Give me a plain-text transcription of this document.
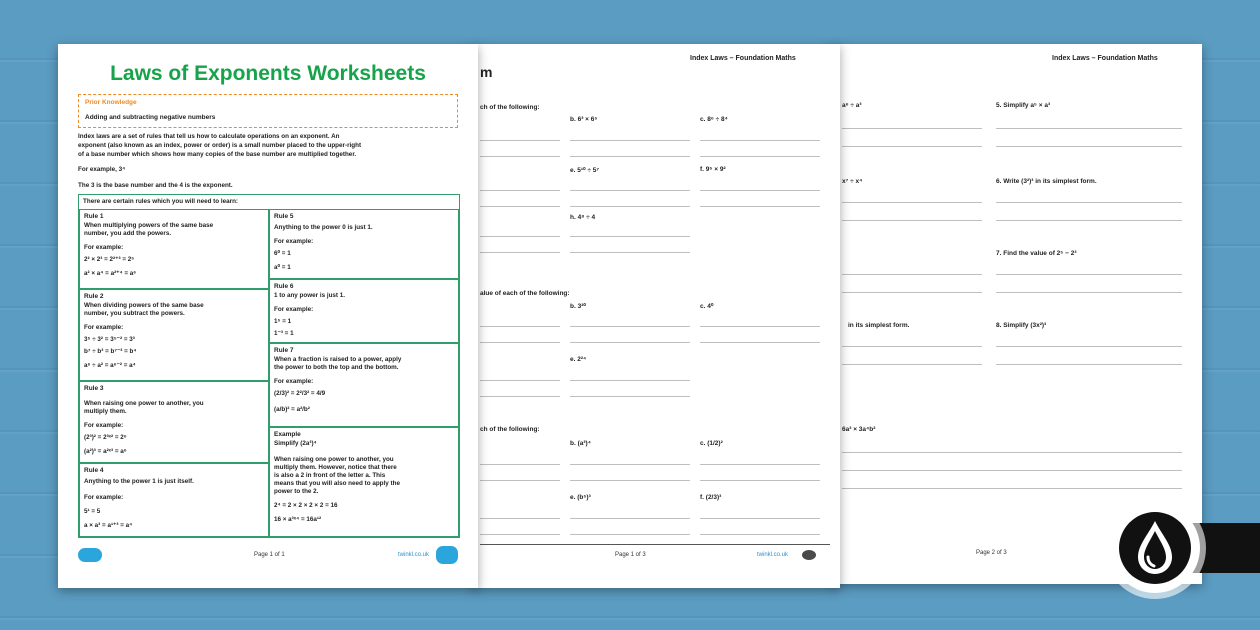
Index Laws – Foundation Maths
a⁶ ÷ a³	5. Simplify a⁵ × a³
x⁷ ÷ x⁴	6. Write (3²)³ in its simplest form.
7. Find the value of 2⁵ − 2³
in its simplest form.	8. Simplify (3x²)³
6a³ × 3a⁴b²
Page 2 of 3
Index Laws – Foundation Maths
m
ch of the following:
b. 6³ × 6⁵	c. 8⁶ ÷ 8⁴
e. 5¹⁰ ÷ 5⁷	f. 9⁵ × 9²
h. 4⁸ ÷ 4
alue of each of the following:
b. 3²⁰	c. 4⁰
e. 2²⁴
ch of the following:
b. (a³)⁴	c. (1/2)²
e. (b⁵)³	f. (2/3)³
Page 1 of 3	twinkl.co.uk
Laws of Exponents Worksheets
Prior Knowledge
Adding and subtracting negative numbers
Index laws are a set of rules that tell us how to calculate operations on an exponent. An
exponent (also known as an index, power or order) is a small number placed to the upper-right
of a base number which shows how many copies of the base number are multiplied together.
For example, 3⁴
The 3 is the base number and the 4 is the exponent.
There are certain rules which you will need to learn:
Rule 1
When multiplying powers of the same base
number, you add the powers.
For example:
2² × 2³ = 2²⁺³ = 2⁵
a² × a⁴ = a²⁺⁴ = a⁶
Rule 2
When dividing powers of the same base
number, you subtract the powers.
For example:
3⁵ ÷ 3² = 3⁵⁻² = 3³
b⁷ ÷ b³ = b⁷⁻³ = b⁴
a⁶ ÷ a² = a⁶⁻² = a⁴
Rule 3
When raising one power to another, you
multiply them.
For example:
(2³)² = 2³ˣ² = 2⁶
(a²)³ = a²ˣ³ = a⁶
Rule 4
Anything to the power 1 is just itself.
For example:
5¹ = 5
a × a³ = a¹⁺³ = a⁴
Rule 5
Anything to the power 0 is just 1.
For example:
6⁰ = 1
a⁰ = 1
Rule 6
1 to any power is just 1.
For example:
1⁵ = 1
1⁻³ = 1
Rule 7
When a fraction is raised to a power, apply
the power to both the top and the bottom.
For example:
(2/3)² = 2²/3² = 4/9
(a/b)² = a²/b²
Example
Simplify (2a³)⁴
When raising one power to another, you
multiply them. However, notice that there
is also a 2 in front of the letter a. This
means that you will also need to apply the
power to the 2.
2⁴ = 2 × 2 × 2 × 2 = 16
16 × a³ˣ⁴ = 16a¹²
Page 1 of 1	twinkl.co.uk
